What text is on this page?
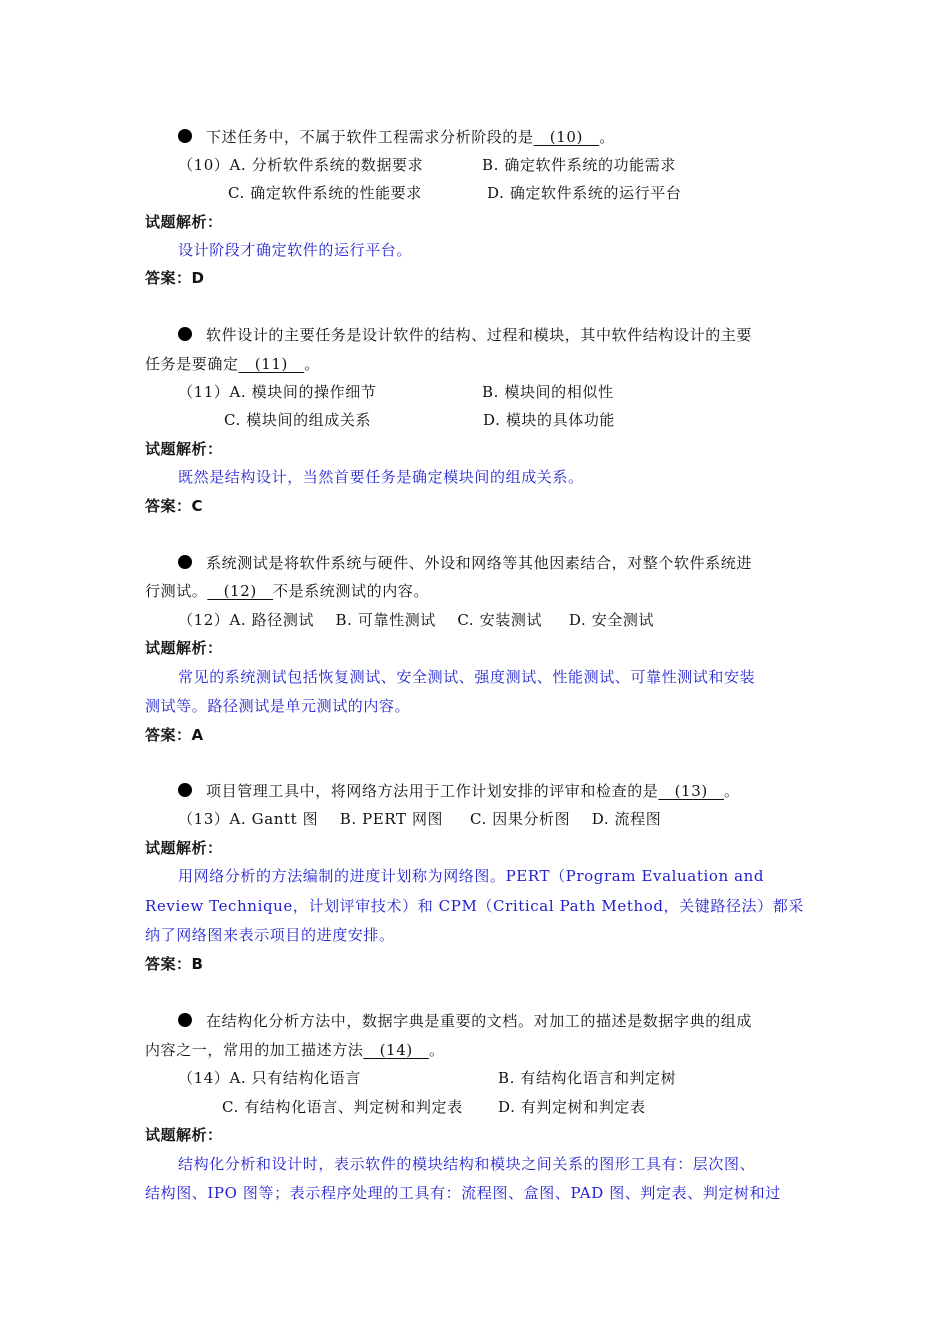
下述任务中，不属于软件工程需求分析阶段的是__(10)__。
（10）A. 分析软件系统的数据要求	B. 确定软件系统的功能需求
C. 确定软件系统的性能要求	D. 确定软件系统的运行平台
试题解析：
设计阶段才确定软件的运行平台。
答案：D
软件设计的主要任务是设计软件的结构、过程和模块，其中软件结构设计的主要
任务是要确定__(11)__。
（11）A. 模块间的操作细节	B. 模块间的相似性
C. 模块间的组成关系	D. 模块的具体功能
试题解析：
既然是结构设计，当然首要任务是确定模块间的组成关系。
答案：C
系统测试是将软件系统与硬件、外设和网络等其他因素结合，对整个软件系统进
行测试。__(12)__不是系统测试的内容。
（12）A. 路径测试    B. 可靠性测试    C. 安装测试     D. 安全测试
试题解析：
常见的系统测试包括恢复测试、安全测试、强度测试、性能测试、可靠性测试和安装
测试等。路径测试是单元测试的内容。
答案：A
项目管理工具中，将网络方法用于工作计划安排的评审和检查的是__(13)__。
（13）A. Gantt 图    B. PERT 网图     C. 因果分析图    D. 流程图
试题解析：
用网络分析的方法编制的进度计划称为网络图。PERT（Program Evaluation and
Review Technique，计划评审技术）和 CPM（Critical Path Method，关键路径法）都采
纳了网络图来表示项目的进度安排。
答案：B
在结构化分析方法中，数据字典是重要的文档。对加工的描述是数据字典的组成
内容之一，常用的加工描述方法__(14)__。
（14）A. 只有结构化语言	B. 有结构化语言和判定树
C. 有结构化语言、判定树和判定表 D. 有判定树和判定表
试题解析：
结构化分析和设计时，表示软件的模块结构和模块之间关系的图形工具有：层次图、
结构图、IPO 图等；表示程序处理的工具有：流程图、盒图、PAD 图、判定表、判定树和过
